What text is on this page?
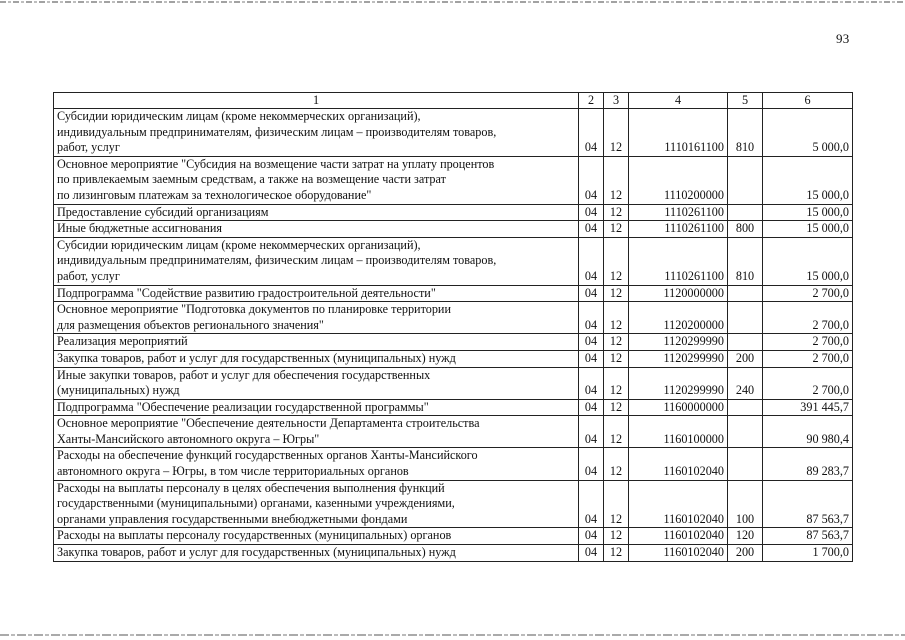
93
1	2	3	4	5	6

Субсидии юридическим лицам (кроме некоммерческих организаций),
индивидуальным предпринимателям, физическим лицам – производителям товаров,
работ, услуг	04	12	1110161100	810	5 000,0

Основное мероприятие "Субсидия на возмещение части затрат на уплату процентов
по привлекаемым заемным средствам, а также на возмещение части затрат
по лизинговым платежам за технологическое оборудование"	04	12	1110200000		15 000,0

Предоставление субсидий организациям	04	12	1110261100		15 000,0

Иные бюджетные ассигнования	04	12	1110261100	800	15 000,0

Субсидии юридическим лицам (кроме некоммерческих организаций),
индивидуальным предпринимателям, физическим лицам – производителям товаров,
работ, услуг	04	12	1110261100	810	15 000,0

Подпрограмма "Содействие развитию градостроительной деятельности"	04	12	1120000000		2 700,0

Основное мероприятие "Подготовка документов по планировке территории
для размещения объектов регионального значения"	04	12	1120200000		2 700,0

Реализация мероприятий	04	12	1120299990		2 700,0

Закупка товаров, работ и услуг для государственных (муниципальных) нужд	04	12	1120299990	200	2 700,0

Иные закупки товаров, работ и услуг для обеспечения государственных
(муниципальных) нужд	04	12	1120299990	240	2 700,0

Подпрограмма "Обеспечение реализации государственной программы"	04	12	1160000000		391 445,7

Основное мероприятие "Обеспечение деятельности Департамента строительства
Ханты-Мансийского автономного округа – Югры"	04	12	1160100000		90 980,4

Расходы на обеспечение функций государственных органов Ханты-Мансийского
автономного округа – Югры, в том числе территориальных органов	04	12	1160102040		89 283,7

Расходы на выплаты персоналу в целях обеспечения выполнения функций
государственными (муниципальными) органами, казенными учреждениями,
органами управления государственными внебюджетными фондами	04	12	1160102040	100	87 563,7

Расходы на выплаты персоналу государственных (муниципальных) органов	04	12	1160102040	120	87 563,7

Закупка товаров, работ и услуг для государственных (муниципальных) нужд	04	12	1160102040	200	1 700,0
